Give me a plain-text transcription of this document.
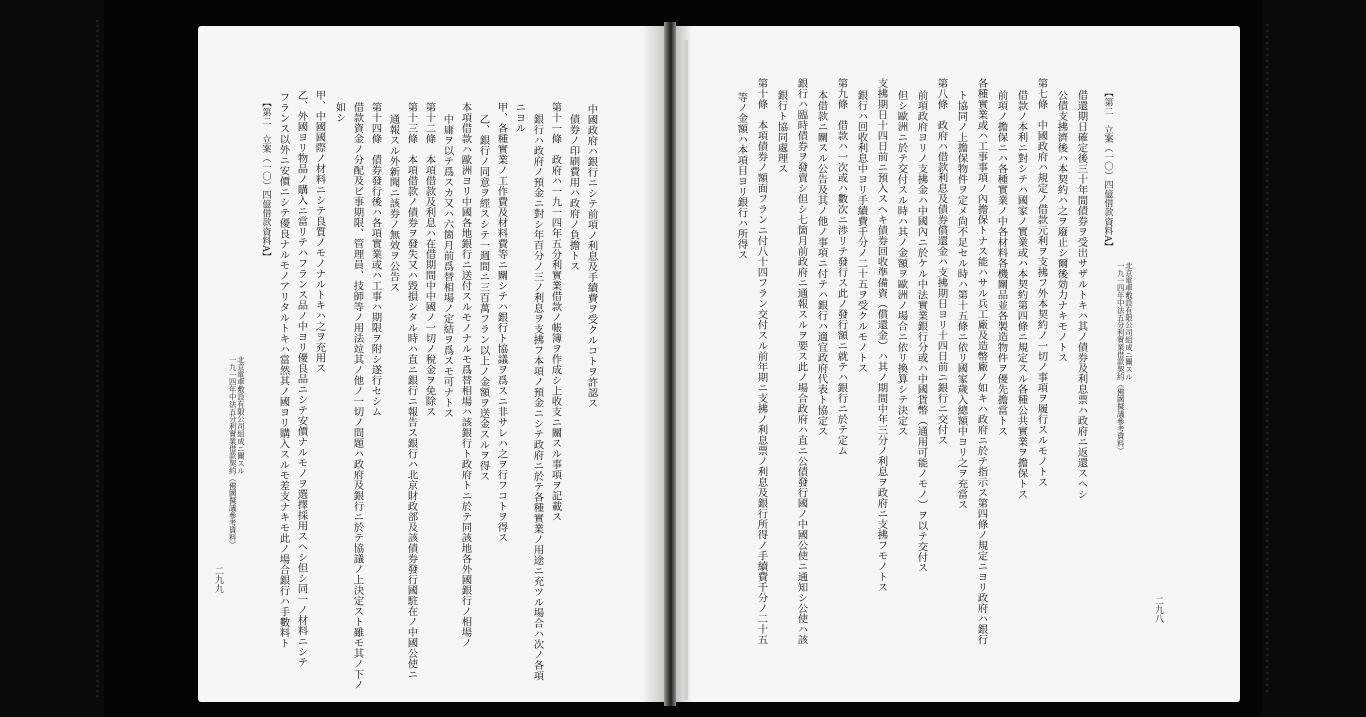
二九九
北京電車敷設有限公司組成ニ關スル
一九一四年中法五分利實業借款契約（佛國擬議參考資料）
【第二　立案（一〇）四億借款資料A】 フランス以外ニ安價ニシテ優良ナルモノアリタルトキハ當然其ノ國ヨリ購入スルモ差支ナキモ此ノ場合銀行ハ手數料ト 乙、外國ヨリ物品ノ購入ニ當リテハフランス品ノ中ヨリ優良品ニシテ安價ナルモノヲ選擇採用スヘシ但シ同一ノ材料ニシテ 甲、中國國際ノ材料ニシテ良質ノモノナルトキハ之ヲ充用ス 如シ 借款資金ノ分配及ビ事期限、管理員、技師等ノ用法竝其ノ他ノ一切ノ問題ハ政府及銀行ニ於テ協議ノ上決定スト雖モ其ノ下ノ 第十四條　債券發行後ハ各項實業或ハ工事ハ期限ヲ附シ遂行セシム 通報スル外新聞ニ該券ノ無效ヲ公告ス 第十三條　本項借款ノ債券ヲ發失又ハ毀損シタル時ハ直ニ銀行ニ報告ス銀行ハ北京財政部及該債券發行國駐在ノ中國公使ニ 第十二條　本項借款及利息ハ在借期間中中國ノ一切ノ稅金ヲ免除ス 中庸ヲ以テ爲スカ又ハ六箇月前爲替相場ノ定結ヲ爲スモ可ナトス 本項借款ハ歐洲ヨリ中國各地銀行ニ送付スルモノナルモ爲替相場ハ該銀行ト政府トニ於テ同該地各外國銀行ノ相場ノ 乙、銀行ノ同意ヲ經スシテ一週間ニ三百萬フラン以上ノ金額ヲ送金スルヲ得ス 甲、各種實業ノ工作費及材料費等ニ關シテハ銀行ト協議ヲ爲スニ非サレハ之ヲ行フコトヲ得ス ニヨル 銀行ハ政府ノ預金ニ對シ年百分ノ三ノ利息ヲ支拂フ本項ノ預金ニシテ政府ニ於テ各種實業ノ用途ニ充ツル場合ハ次ノ各項 第十一條　政府ハ一九一四年五分利實業借款ノ帳簿ヲ作成シ上收支ニ關スル事項ヲ記載ス 債券ノ印刷費用ハ政府ノ負擔トス 中國政府ハ銀行ニシテ前項ノ利息及手續費ヲ受クルコトヲ許認ス	等ノ金額ハ本項目ヨリ銀行ハ所得ス 第十條　本項債券ノ額面フランニ付八十四フラン交付スル前年期ニ支拂ノ利息票ノ利息及銀行所得ノ手續費千分ノ二十五 銀行ト協同處理ス 銀行ハ臨時債券ヲ發賣シ但シ七箇月前政府ニ通報スルヲ要ス此ノ場合政府ハ直ニ公債發行國ノ中國公使ニ通知シ公使ハ該 本借款ニ關スル公告及其ノ他ノ事項ニ付テハ銀行ハ適宜政府代表ト協定ス 第九條　借款ハ一次或ハ數次ニ渉リテ發行ス此ノ發行額ニ就テハ銀行ニ於テ定ム 銀行ハ回收利息中ヨリ手續費千分ノ二十五ヲ受クルモノトス 支拂期日十四日前ニ預入スヘキ債券回收準備資（償還金）ハ其ノ期間中年三分ノ利息ヲ政府ニ支拂フモノトス 但シ歐洲ニ於テ交付スル時ハ其ノ金額ヲ歐洲ノ場合ニ依リ換算シテ決定ス 前項政府ヨリノ支拂金ハ中國內ニ於ケル中法實業銀行分或ハ中國貨幣（通用可能ノモノ）ヲ以テ交付ス 第八條　政府ハ借款利息及債券償還金ハ支拂期日ヨリ十四日前ニ銀行ニ交付ス ト協同ノ上擔保物件ヲ定メ尙不足セル時ハ第十五條ニ依リ國家歲入總額中ヨリ之ヲ充當ス 各種實業或ハ工事事項ノ內擔保トナス能ハサル兵工廠及造幣廠ノ如キハ政府ニ於テ指示ス第四條ノ規定ニヨリ政府ハ銀行 前項ノ擔保ニハ各種實業ノ中各材料各機關品並各製造物件ヲ優先擔當トス 借款ノ本利ニ對シテハ國家ノ實業或ハ本契約第四條ニ規定スル各種公共實業ヲ擔保トス 第七條　中國政府ハ規定ノ借款元利ヲ支拂フ外本契約ノ一切ノ事項ヲ履行スルモノトス 公債支拂濟後ハ本契約ハ之ヲ廢止シ爾後効力ナキモノトス 借還期日確定後三十年間債券ヲ受出サザルトキハ其ノ債券及利息票ハ政府ニ返還スヘシ 【第二　立案（一〇）四億借款資料A】
北京電車敷設有限公司組成ニ關スル
一九一四年中法五分利實業借款契約（佛國擬議參考資料）
二九八
